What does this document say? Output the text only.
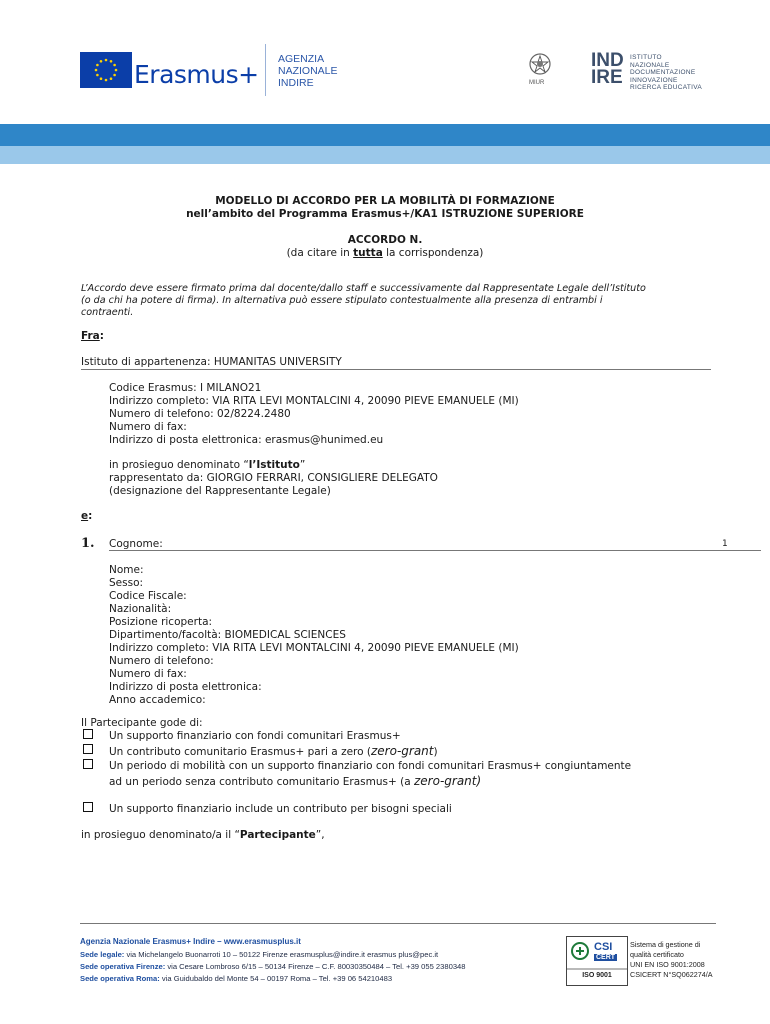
Erasmus+
AGENZIA
NAZIONALE
INDIRE	MIUR
IND
IRE
ISTITUTO
NAZIONALE
DOCUMENTAZIONE
INNOVAZIONE
RICERCA EDUCATIVA
MODELLO DI ACCORDO PER LA MOBILITÀ DI FORMAZIONE
nell’ambito del Programma Erasmus+/KA1 ISTRUZIONE SUPERIORE
ACCORDO N.
(da citare in tutta la corrispondenza)
L’Accordo deve essere firmato prima dal docente/dallo staff e successivamente dal Rappresentate Legale dell’Istituto
(o da chi ha potere di firma). In alternativa può essere stipulato contestualmente alla presenza di entrambi i
contraenti.
Fra:
Istituto di appartenenza: HUMANITAS UNIVERSITY
Codice Erasmus: I MILANO21
Indirizzo completo: VIA RITA LEVI MONTALCINI 4, 20090 PIEVE EMANUELE (MI)
Numero di telefono: 02/8224.2480
Numero di fax:
Indirizzo di posta elettronica: erasmus@hunimed.eu
in prosieguo denominato “l’Istituto”
rappresentato da: GIORGIO FERRARI, CONSIGLIERE DELEGATO
(designazione del Rappresentante Legale)
e:
1. Cognome:	1
Nome:
Sesso:
Codice Fiscale:
Nazionalità:
Posizione ricoperta:
Dipartimento/facoltà: BIOMEDICAL SCIENCES
Indirizzo completo: VIA RITA LEVI MONTALCINI 4, 20090 PIEVE EMANUELE (MI)
Numero di telefono:
Numero di fax:
Indirizzo di posta elettronica:
Anno accademico:
Il Partecipante gode di:
Un supporto finanziario con fondi comunitari Erasmus+
Un contributo comunitario Erasmus+ pari a zero (zero-grant)
Un periodo di mobilità con un supporto finanziario con fondi comunitari Erasmus+ congiuntamente
ad un periodo senza contributo comunitario Erasmus+ (a zero-grant)
Un supporto finanziario include un contributo per bisogni speciali
in prosieguo denominato/a il “Partecipante”,
Agenzia Nazionale Erasmus+ Indire – www.erasmusplus.it
Sede legale: via Michelangelo Buonarroti 10 – 50122 Firenze erasmusplus@indire.it erasmus plus@pec.it
Sede operativa Firenze: via Cesare Lombroso 6/15 – 50134 Firenze – C.F. 80030350484 – Tel. +39 055 2380348
Sede operativa Roma: via Guidubaldo del Monte 54 – 00197 Roma – Tel. +39 06 54210483
CSI
CERT
ISO 9001
Sistema di gestione di
qualità certificato
UNI EN ISO 9001:2008
CSICERT N°SQ062274/A
